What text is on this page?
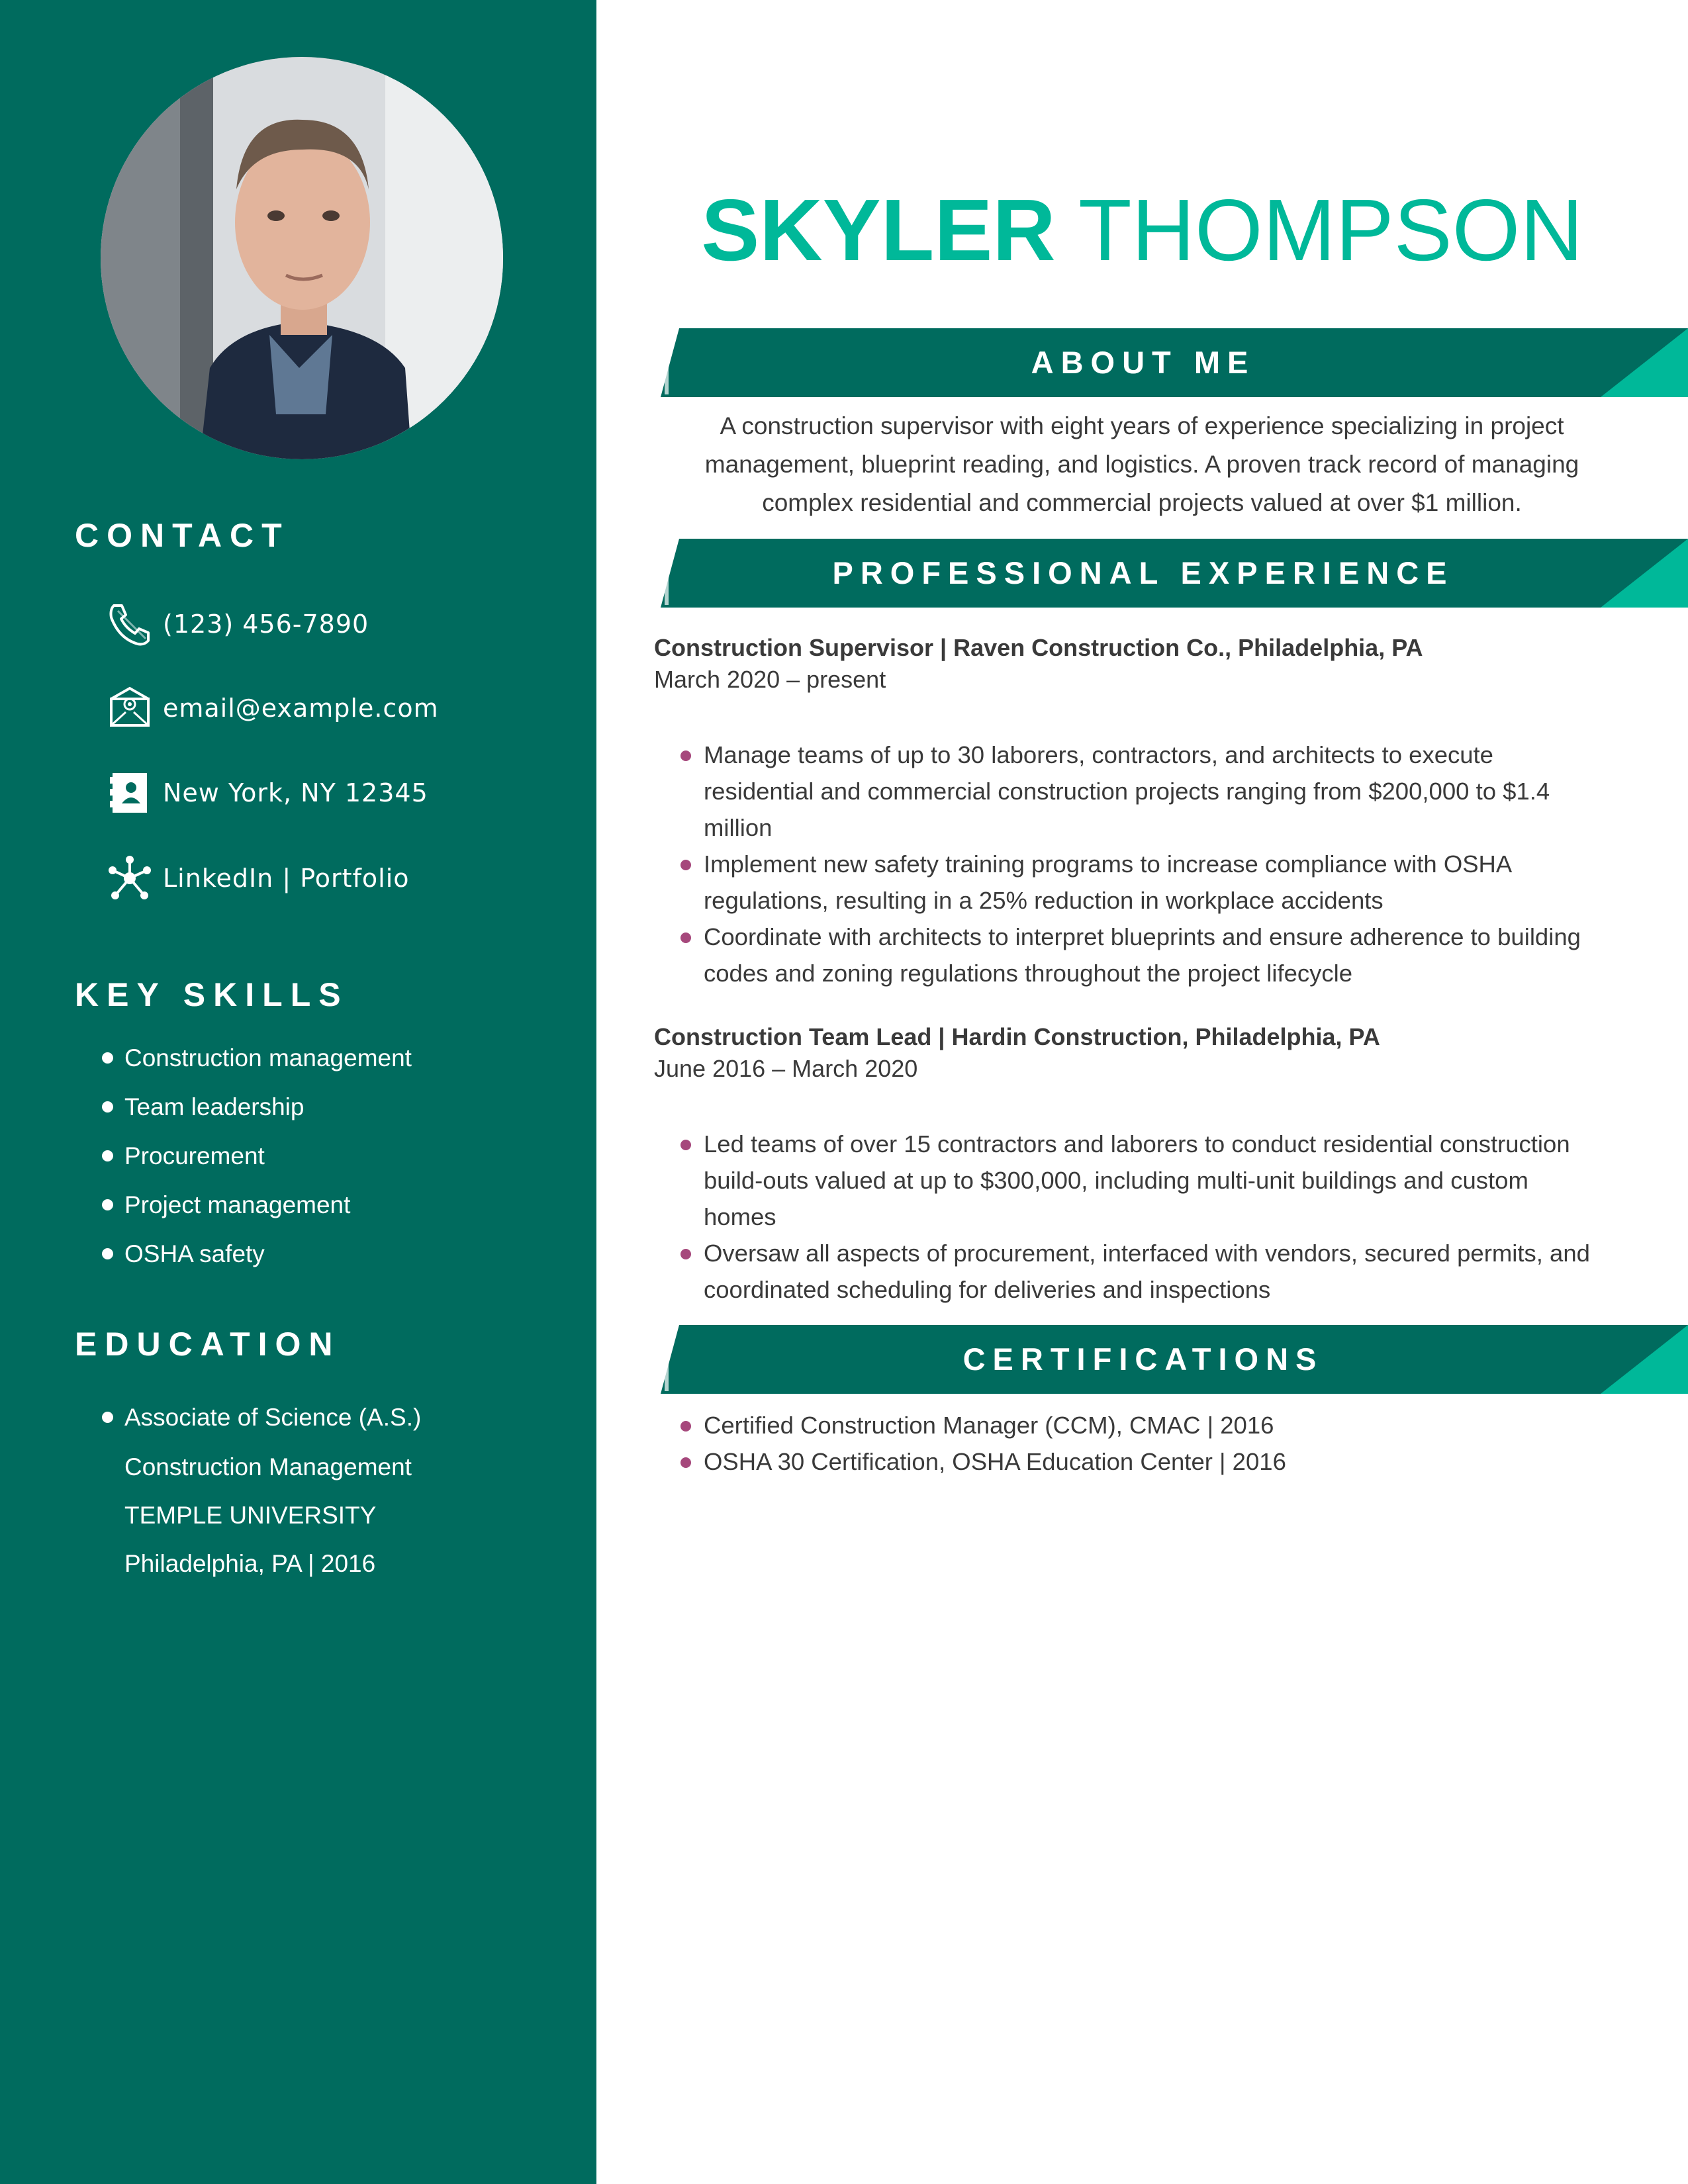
CONTACT
(123) 456-7890
email@example.com
New York, NY 12345
LinkedIn | Portfolio
KEY SKILLS
Construction management
Team leadership
Procurement
Project management
OSHA safety
EDUCATION
Associate of Science (A.S.)
Construction Management
TEMPLE UNIVERSITY
Philadelphia, PA | 2016
SKYLER THOMPSON
ABOUT ME
A construction supervisor with eight years of experience specializing in project
management, blueprint reading, and logistics. A proven track record of managing
complex residential and commercial projects valued at over $1 million.
PROFESSIONAL EXPERIENCE
Construction Supervisor | Raven Construction Co., Philadelphia, PA
March 2020 – present
Manage teams of up to 30 laborers, contractors, and architects to execute
residential and commercial construction projects ranging from $200,000 to $1.4
million
Implement new safety training programs to increase compliance with OSHA
regulations, resulting in a 25% reduction in workplace accidents
Coordinate with architects to interpret blueprints and ensure adherence to building
codes and zoning regulations throughout the project lifecycle
Construction Team Lead | Hardin Construction, Philadelphia, PA
June 2016 – March 2020
Led teams of over 15 contractors and laborers to conduct residential construction
build-outs valued at up to $300,000, including multi-unit buildings and custom
homes
Oversaw all aspects of procurement, interfaced with vendors, secured permits, and
coordinated scheduling for deliveries and inspections
CERTIFICATIONS
Certified Construction Manager (CCM), CMAC | 2016
OSHA 30 Certification, OSHA Education Center | 2016
